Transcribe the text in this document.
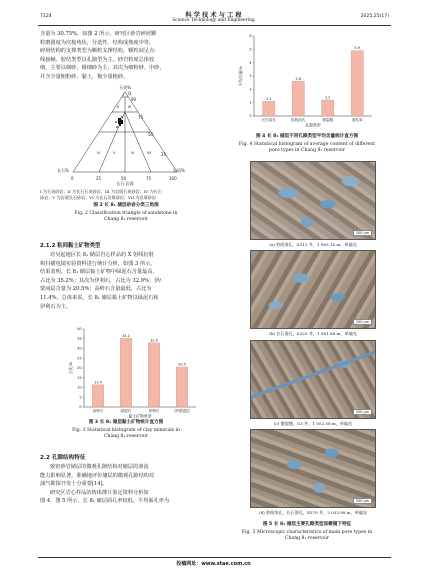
7124	科 学 技 术 与 工 程
Science Technology and Engineering
2025,25(17)
含量为 30.75%，如图 2 所示。研究区砂岩碎屑颗
粒磨圆度为次棱角状，分选性、结构成熟度中等。
碎屑结构的支撑类型为颗粒支撑结构，颗粒间呈点-
线接触，胶结类型以孔隙型为主。砂岩粒度总体较
细，主要以细砂、极细砂为主，其次为细粉砂、中砂，
并含少量粗粉砂、黏土，极少量粗砂。
石英%
Q
90
75
50
25
长石%	岩屑%
0	25	50	75	100
长石:岩屑
I
II	III
IV	V	VI	VII
I 为石英砂岩；II 为长石石英砂岩；III 为岩屑石英砂岩；IV 为长石
砂岩；V 为岩屑长石砂岩；VI 为长石岩屑砂岩；VII 为岩屑砂岩
图 2 长 8₁ 储层砂岩分类三角图
Fig. 2 Classification triangle of sandstone in
Chang 8₁ reservoir
2.1.2 粘间黏土矿物类型
对吴起地区长 8₁ 储层岩心样品的 X 射线衍射
和扫描电镜实验资料进行统计分析，如图 3 所示。
结果表明，长 8₁ 储层黏土矿物中绿泥石含量最高，
占比为 35.2%；其次为伊利石，占比为 32.9%；伊/
蒙间层含量为 20.5%；高岭石含量最低，占比为
11.4%。总体来说，长 8₁ 储层黏土矿物以绿泥石和
伊利石为主。
0
5
10
15
20
25
30
35
40
占比/%
11.4
高岭石
35.2
绿泥石
32.9
伊利石
20.5
伊/蒙混层
黏土矿物类型
图 3 长 8₁ 储层黏土矿物统计直方图
Fig. 3 Statistical histogram of clay minerals in
Chang 8₁ reservoir
2.2 孔隙结构特征
致密砂岩储层的微观孔隙结构对储层的渗流
能力影响显著，准确地评价储层的微观孔隙结构对
油气勘探开发十分重要[14]。
研究区岩心样品的铸体薄片鉴定资料分析如
图 4、图 5 所示，长 8₁ 储层面孔率较低，平均面孔率为
0
1
2
3
4
5
6
平均含量/%
1.1
长石溶孔
2.6
粒间溶孔
1.2
微裂缝
4.9
面孔率
孔隙类型
图 4 长 8₁ 储层不同孔隙类型平均含量统计直方图
Fig. 4 Statistical histogram of average content of different
pore types in Chang 8₁ reservoir
200 μm
(a) 粒间溶孔，X313 井，1 983.16 m，单偏光
200 μm
(b) 长石溶孔，X325 井，1 981.88 m，单偏光
200 μm
(c) 微裂缝，G3 井，1 952.58 m，单偏光
200 μm
(d) 粒间溶孔、长石溶孔，X570 井，2 033.88 m，单偏光
图 5 长 8₁ 储层主要孔隙类型显微镜下特征
Fig. 5 Microscopic characteristics of main pore types in
Chang 8₁ reservoir
投稿网址：www.stae.com.cn
